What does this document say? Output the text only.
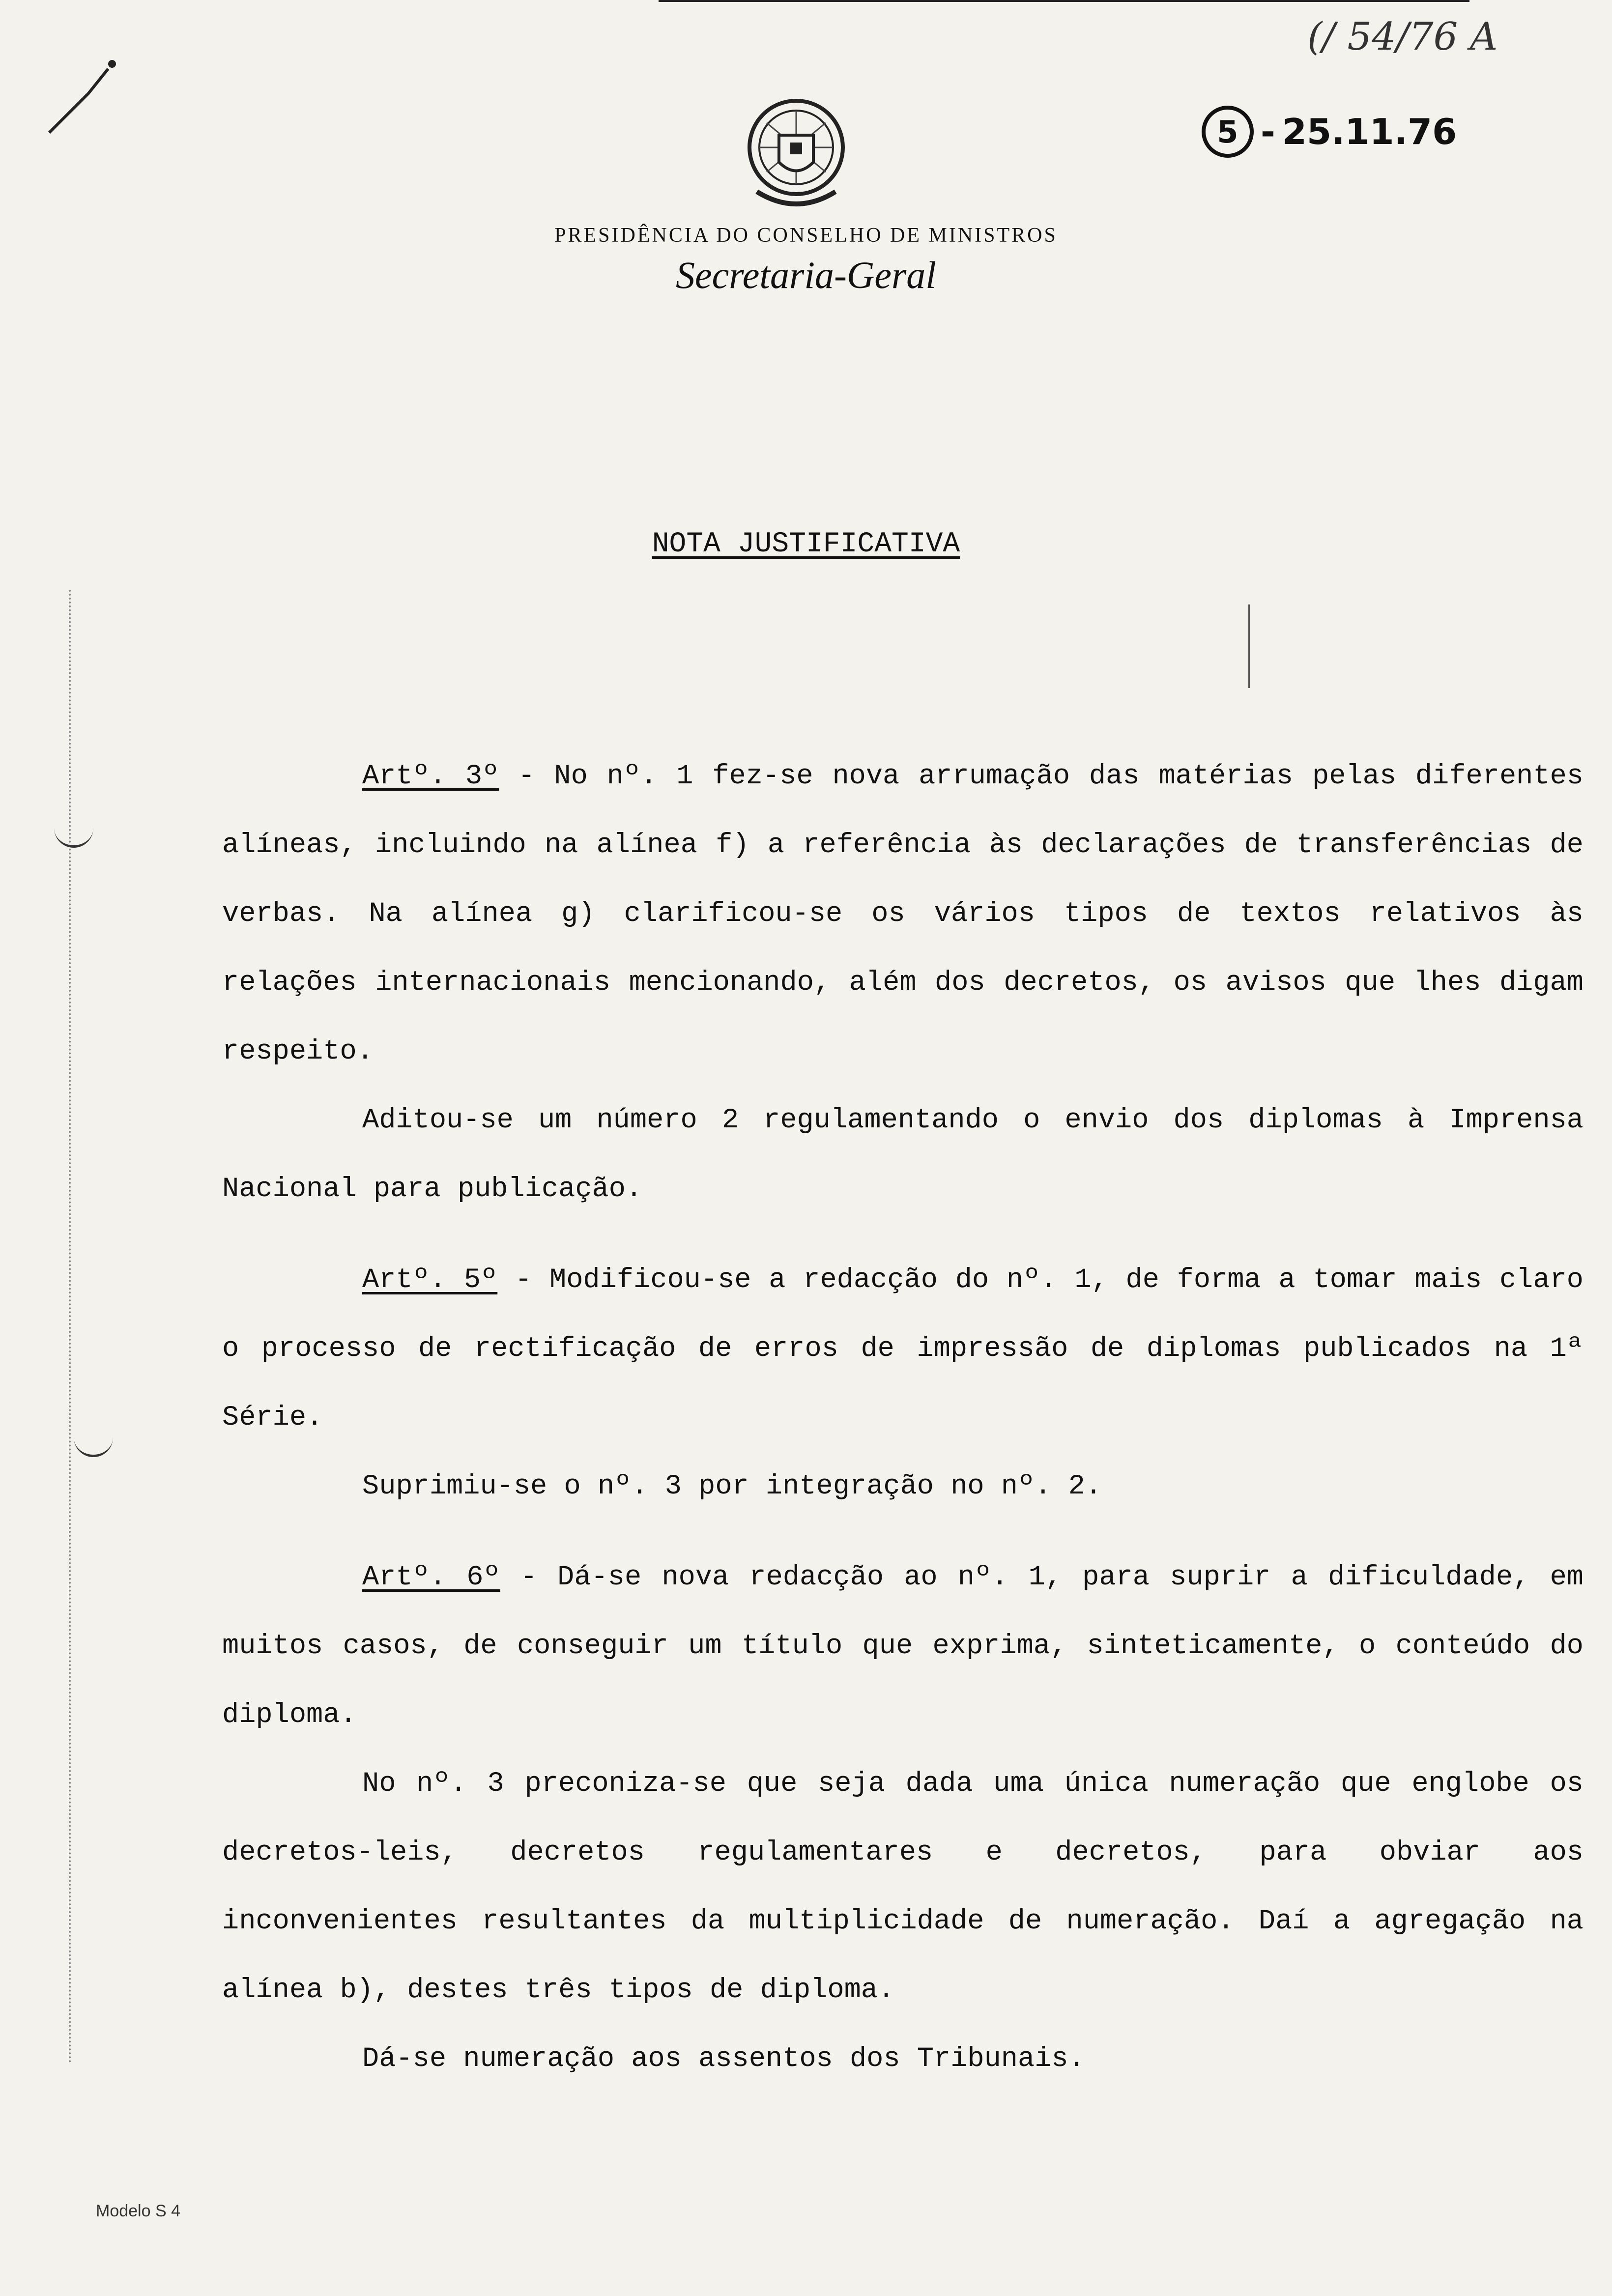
(/ 54/76 A
5 - 25.11.76
PRESIDÊNCIA DO CONSELHO DE MINISTROS
Secretaria-Geral
NOTA JUSTIFICATIVA

Artº. 3º - No nº. 1 fez-se nova arrumação das matérias pelas diferentes alíneas, incluindo na alínea f) a referência às declarações de transferências de verbas. Na alínea g) clarificou-se os vários tipos de textos relativos às relações internacionais mencionando, além dos decretos, os avisos que lhes digam respeito.

Aditou-se um número 2 regulamentando o envio dos diplomas à Imprensa Nacional para publicação.

Artº. 5º - Modificou-se a redacção do nº. 1, de forma a tomar mais claro o processo de rectificação de erros de impressão de diplomas publicados na 1ª Série.

Suprimiu-se o nº. 3 por integração no nº. 2.

Artº. 6º - Dá-se nova redacção ao nº. 1, para suprir a dificuldade, em muitos casos, de conseguir um título que exprima, sinteticamente, o conteúdo do diploma.

No nº. 3 preconiza-se que seja dada uma única numeração que englobe os decretos-leis, decretos regulamentares e decretos, para obviar aos inconvenientes resultantes da multiplicidade de numeração. Daí a agregação na alínea b), destes três tipos de diploma.

Dá-se numeração aos assentos dos Tribunais.

Modelo S 4
